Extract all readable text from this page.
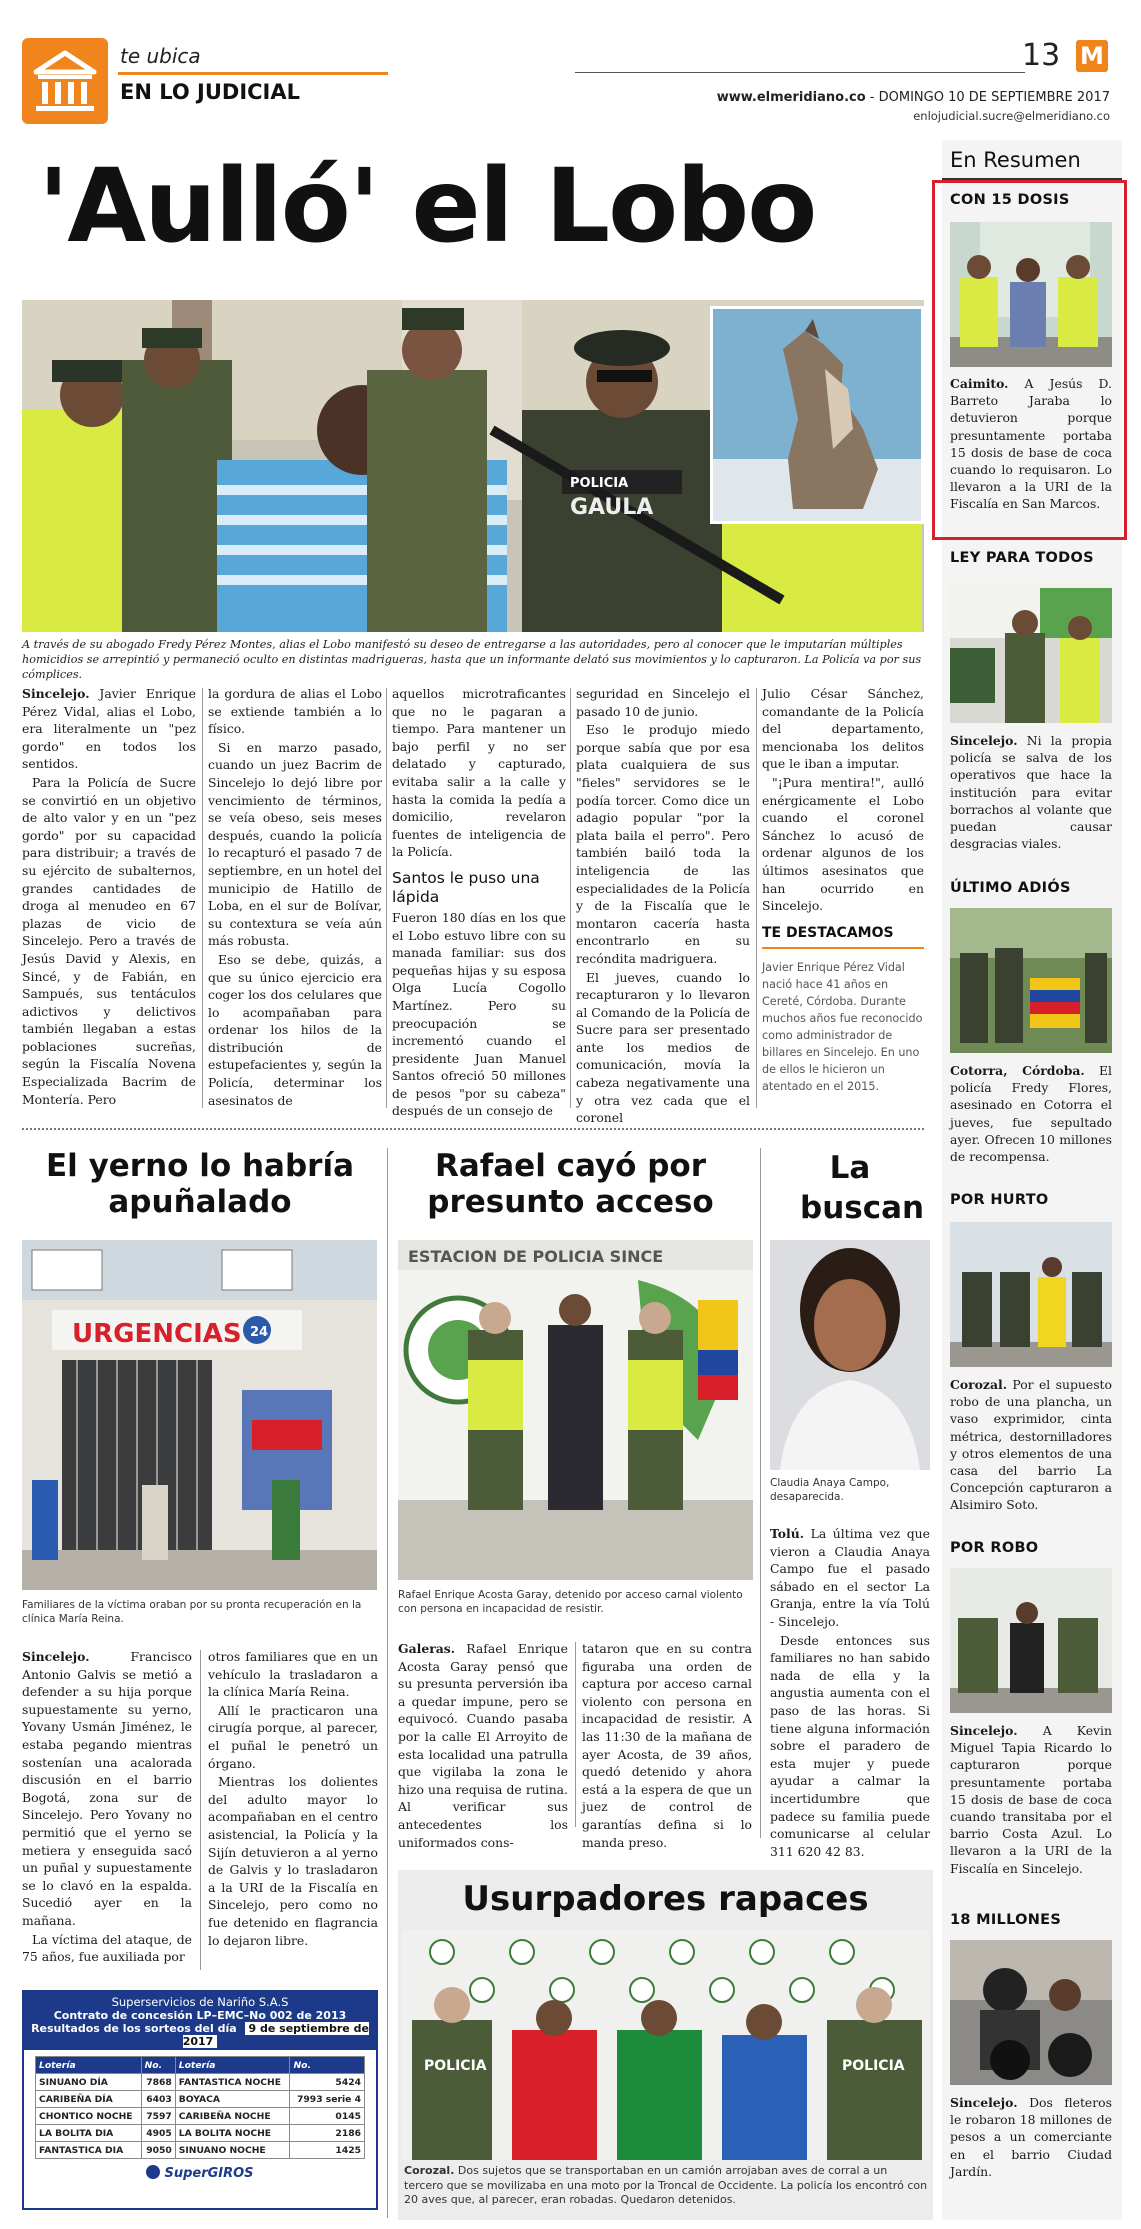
te ubica
EN LO JUDICIAL
13 M
www.elmeridiano.co - DOMINGO 10 DE SEPTIEMBRE 2017
enlojudicial.sucre@elmeridiano.co
'Aulló' el Lobo
POLICIA
GAULA
A través de su abogado Fredy Pérez Montes, alias el Lobo manifestó su deseo de entregarse a las autoridades, pero al conocer que le imputarían múltiples homicidios se arrepintió y permaneció oculto en distintas madrigueras, hasta que un informante delató sus movimientos y lo capturaron. La Policía va por sus cómplices.

Sincelejo. Javier Enrique Pérez Vidal, alias el Lobo, era literalmente un "pez gordo" en todos los sentidos.

Para la Policía de Sucre se convirtió en un objetivo de alto valor y en un "pez gordo" por su capacidad para distribuir; a través de su ejército de subalternos, grandes cantidades de droga al menudeo en 67 plazas de vicio de Sincelejo. Pero a través de Jesús David y Alexis, en Sincé, y de Fabián, en Sampués, sus tentáculos adictivos y delictivos también llegaban a estas poblaciones sucreñas, según la Fiscalía Novena Especializada Bacrim de Montería. Pero

la gordura de alias el Lobo se extiende también a lo físico.

Si en marzo pasado, cuando un juez Bacrim de Sincelejo lo dejó libre por vencimiento de términos, se veía obeso, seis meses después, cuando la policía lo recapturó el pasado 7 de septiembre, en un hotel del municipio de Hatillo de Loba, en el sur de Bolívar, su contextura se veía aún más robusta.

Eso se debe, quizás, a que su único ejercicio era coger los dos celulares que lo acompañaban para ordenar los hilos de la distribución de estupefacientes y, según la Policía, determinar los asesinatos de

aquellos microtraficantes que no le pagaran a tiempo. Para mantener un bajo perfil y no ser delatado y capturado, evitaba salir a la calle y hasta la comida la pedía a domicilio, revelaron fuentes de inteligencia de la Policía.

Santos le puso una lápida

Fueron 180 días en los que el Lobo estuvo libre con su manada familiar: sus dos pequeñas hijas y su esposa Olga Lucía Cogollo Martínez. Pero su preocupación se incrementó cuando el presidente Juan Manuel Santos ofreció 50 millones de pesos "por su cabeza" después de un consejo de

seguridad en Sincelejo el pasado 10 de junio.

Eso le produjo miedo porque sabía que por esa plata cualquiera de sus "fieles" servidores se le podía torcer. Como dice un adagio popular "por la plata baila el perro". Pero también bailó toda la inteligencia de las especialidades de la Policía y de la Fiscalía que le montaron cacería hasta encontrarlo en su recóndita madriguera.

El jueves, cuando lo recapturaron y lo llevaron al Comando de la Policía de Sucre para ser presentado ante los medios de comunicación, movía la cabeza negativamente una y otra vez cada que el coronel

Julio César Sánchez, comandante de la Policía del departamento, mencionaba los delitos que le iban a imputar.

"¡Pura mentira!", aulló enérgicamente el Lobo cuando el coronel Sánchez lo acusó de ordenar algunos de los últimos asesinatos que han ocurrido en Sincelejo.

TE DESTACAMOS
Javier Enrique Pérez Vidal nació hace 41 años en Cereté, Córdoba. Durante muchos años fue reconocido como administrador de billares en Sincelejo. En uno de ellos le hicieron un atentado en el 2015.
En Resumen
CON 15 DOSIS
Caimito. A Jesús D. Barreto Jaraba lo detuvieron porque presuntamente portaba 15 dosis de base de coca cuando lo requisaron. Lo llevaron a la URI de la Fiscalía en San Marcos.
LEY PARA TODOS
Sincelejo. Ni la propia policía se salva de los operativos que hace la institución para evitar borrachos al volante que puedan causar desgracias viales.
ÚLTIMO ADIÓS
Cotorra, Córdoba. El policía Fredy Flores, asesinado en Cotorra el jueves, fue sepultado ayer. Ofrecen 10 millones de recompensa.
POR HURTO
Corozal. Por el supuesto robo de una plancha, un vaso exprimidor, cinta métrica, destornilladores y otros elementos de una casa del barrio La Concepción capturaron a Alsimiro Soto.
POR ROBO
Sincelejo. A Kevin Miguel Tapia Ricardo lo capturaron porque presuntamente portaba 15 dosis de base de coca cuando transitaba por el barrio Costa Azul. Lo llevaron a la URI de la Fiscalía en Sincelejo.
18 MILLONES
Sincelejo. Dos fleteros le robaron 18 millones de pesos a un comerciante en el barrio Ciudad Jardín.
El yerno lo habría apuñalado
URGENCIAS 24
Familiares de la víctima oraban por su pronta recuperación en la clínica María Reina.

Sincelejo. Francisco Antonio Galvis se metió a defender a su hija porque supuestamente su yerno, Yovany Usmán Jiménez, le estaba pegando mientras sostenían una acalorada discusión en el barrio Bogotá, zona sur de Sincelejo. Pero Yovany no permitió que el yerno se metiera y enseguida sacó un puñal y supuestamente se lo clavó en la espalda. Sucedió ayer en la mañana.

La víctima del ataque, de 75 años, fue auxiliada por

otros familiares que en un vehículo la trasladaron a la clínica María Reina.

Allí le practicaron una cirugía porque, al parecer, el puñal le penetró un órgano.

Mientras los dolientes del adulto mayor lo acompañaban en el centro asistencial, la Policía y la Sijín detuvieron a al yerno de Galvis y lo trasladaron a la URI de la Fiscalía en Sincelejo, pero como no fue detenido en flagrancia lo dejaron libre.

Superservicios de Nariño S.A.S
Contrato de concesión LP–EMC–No 002 de 2013
Resultados de los sorteos del día 9 de septiembre de 2017
Lotería	No.	Lotería	No.
SINUANO DÍA	7868	FANTASTICA NOCHE	5424
CARIBEÑA DÍA	6403	BOYACA	7993 serie 4
CHONTICO NOCHE	7597	CARIBEÑA NOCHE	0145
LA BOLITA DIA	4905	LA BOLITA NOCHE	2186
FANTASTICA DIA	9050	SINUANO NOCHE	1425
SuperGIROS
Rafael cayó por presunto acceso
ESTACION DE POLICIA SINCE
Rafael Enrique Acosta Garay, detenido por acceso carnal violento con persona en incapacidad de resistir.

Galeras. Rafael Enrique Acosta Garay pensó que su presunta perversión iba a quedar impune, pero se equivocó. Cuando pasaba por la calle El Arroyito de esta localidad una patrulla que vigilaba la zona le hizo una requisa de rutina. Al verificar sus antecedentes los uniformados cons-

tataron que en su contra figuraba una orden de captura por acceso carnal violento con persona en incapacidad de resistir. A las 11:30 de la mañana de ayer Acosta, de 39 años, quedó detenido y ahora está a la espera de que un juez de control de garantías defina si lo manda preso.

La buscan
Claudia Anaya Campo, desaparecida.

Tolú. La última vez que vieron a Claudia Anaya Campo fue el pasado sábado en el sector La Granja, entre la vía Tolú - Sincelejo.

Desde entonces sus familiares no han sabido nada de ella y la angustia aumenta con el paso de las horas. Si tiene alguna información sobre el paradero de esta mujer y puede ayudar a calmar la incertidumbre que padece su familia puede comunicarse al celular 311 620 42 83.

Usurpadores rapaces
POLICIA	POLICIA
Corozal. Dos sujetos que se transportaban en un camión arrojaban aves de corral a un tercero que se movilizaba en una moto por la Troncal de Occidente. La policía los encontró con 20 aves que, al parecer, eran robadas. Quedaron detenidos.
